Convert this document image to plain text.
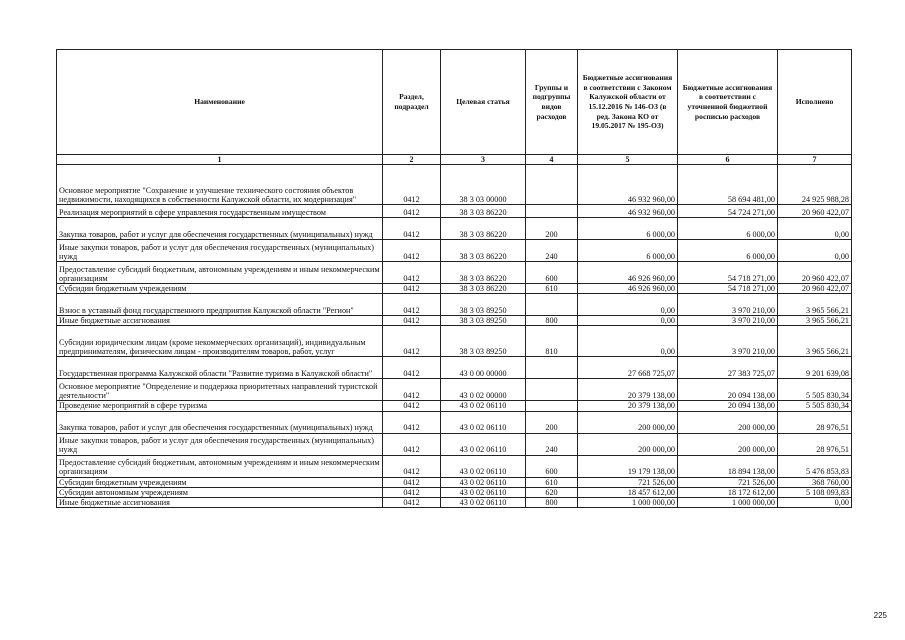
Наименование	Раздел, подраздел	Целевая статья	Группы и подгруппы видов расходов	Бюджетные ассигнования в соответствии с Законом Калужской области от 15.12.2016 № 146-ОЗ (в ред. Закона КО от 19.05.2017 № 195-ОЗ)	Бюджетные ассигнования в соответствии с уточненной бюджетной росписью расходов	Исполнено
1	2	3	4	5	6	7
Основное мероприятие "Сохранение и улучшение технического состояния объектов недвижимости, находящихся в собственности Калужской области, их модернизация"	0412	38 3 03 00000		46 932 960,00	58 694 481,00	24 925 988,28
Реализация мероприятий в сфере управления государственным имуществом	0412	38 3 03 86220		46 932 960,00	54 724 271,00	20 960 422,07
Закупка товаров, работ и услуг для обеспечения государственных (муниципальных) нужд	0412	38 3 03 86220	200	6 000,00	6 000,00	0,00
Иные закупки товаров, работ и услуг для обеспечения государственных (муниципальных) нужд	0412	38 3 03 86220	240	6 000,00	6 000,00	0,00
Предоставление субсидий бюджетным, автономным учреждениям и иным некоммерческим организациям	0412	38 3 03 86220	600	46 926 960,00	54 718 271,00	20 960 422,07
Субсидии бюджетным учреждениям	0412	38 3 03 86220	610	46 926 960,00	54 718 271,00	20 960 422,07
Взнос в уставный фонд государственного предприятия Калужской области "Регион"	0412	38 3 03 89250		0,00	3 970 210,00	3 965 566,21
Иные бюджетные ассигнования	0412	38 3 03 89250	800	0,00	3 970 210,00	3 965 566,21
Субсидии юридическим лицам (кроме некоммерческих организаций), индивидуальным предпринимателям, физическим лицам - производителям товаров, работ, услуг	0412	38 3 03 89250	810	0,00	3 970 210,00	3 965 566,21
Государственная программа Калужской области "Развитие туризма в Калужской области"	0412	43 0 00 00000		27 668 725,07	27 383 725,07	9 201 639,08
Основное мероприятие "Определение и поддержка приоритетных направлений туристской деятельности"	0412	43 0 02 00000		20 379 138,00	20 094 138,00	5 505 830,34
Проведение мероприятий в сфере туризма	0412	43 0 02 06110		20 379 138,00	20 094 138,00	5 505 830,34
Закупка товаров, работ и услуг для обеспечения государственных (муниципальных) нужд	0412	43 0 02 06110	200	200 000,00	200 000,00	28 976,51
Иные закупки товаров, работ и услуг для обеспечения государственных (муниципальных) нужд	0412	43 0 02 06110	240	200 000,00	200 000,00	28 976,51
Предоставление субсидий бюджетным, автономным учреждениям и иным некоммерческим организациям	0412	43 0 02 06110	600	19 179 138,00	18 894 138,00	5 476 853,83
Субсидии бюджетным учреждениям	0412	43 0 02 06110	610	721 526,00	721 526,00	368 760,00
Субсидии автономным учреждениям	0412	43 0 02 06110	620	18 457 612,00	18 172 612,00	5 108 093,83
Иные бюджетные ассигнования	0412	43 0 02 06110	800	1 000 000,00	1 000 000,00	0,00
225
